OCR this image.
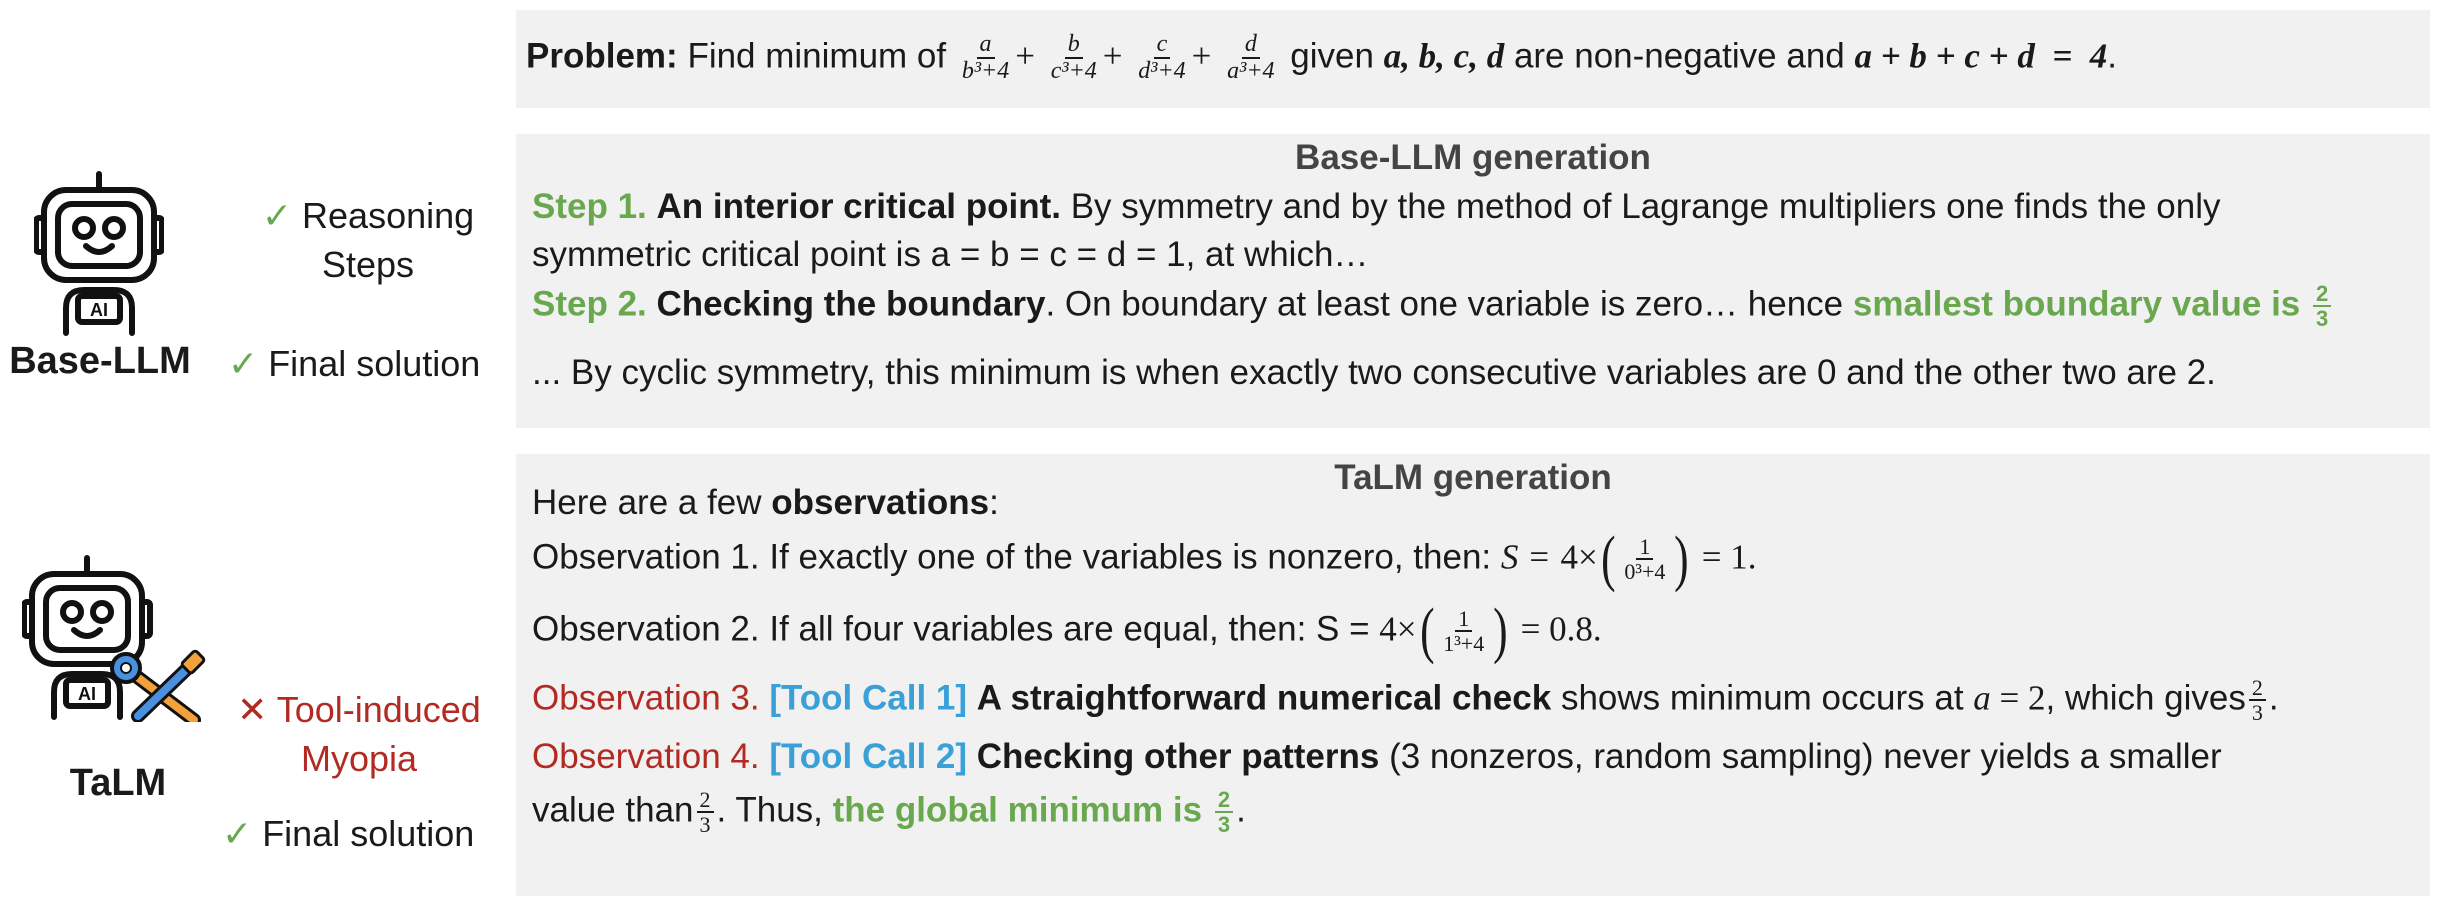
Problem: Find minimum of $\frac{a}{\text{b³+4}} + \frac{b}{\text{c³+4}} + \frac{c}{\text{d³+4}} + \frac{d}{\text{a³+4}}$ given a, b, c, d are non-negative and a + b + c + d  =  4.
AI
Base-LLM
✓ Reasoning
Steps
✓ Final solution
Base-LLM generation
Step 1. An interior critical point. By symmetry and by the method of Lagrange multipliers one finds the only
symmetric critical point is a = b = c = d = 1, at which…
Step 2. Checking the boundary. On boundary at least one variable is zero… hence smallest boundary value is $\frac{2}{3}$
... By cyclic symmetry, this minimum is when exactly two consecutive variables are 0 and the other two are 2.
AI
TaLM
✕ Tool-induced
Myopia
✓ Final solution
TaLM generation
Here are a few observations:
Observation 1. If exactly one of the variables is nonzero, then: $S = 4\times( \frac{1}{\text{0³+4}}$ ) = 1.
Observation 2. If all four variables are equal, then: $S = 4\times( \frac{1}{\text{1³+4}}$ ) = 0.8.
Observation 3. [Tool Call 1] A straightforward numerical check shows minimum occurs at a = 2, which gives $\frac{2}{3}$ .
Observation 4. [Tool Call 2] Checking other patterns (3 nonzeros, random sampling) never yields a smaller
value than $\frac{2}{3}$ . Thus, the global minimum is $\frac{2}{3}$ .
